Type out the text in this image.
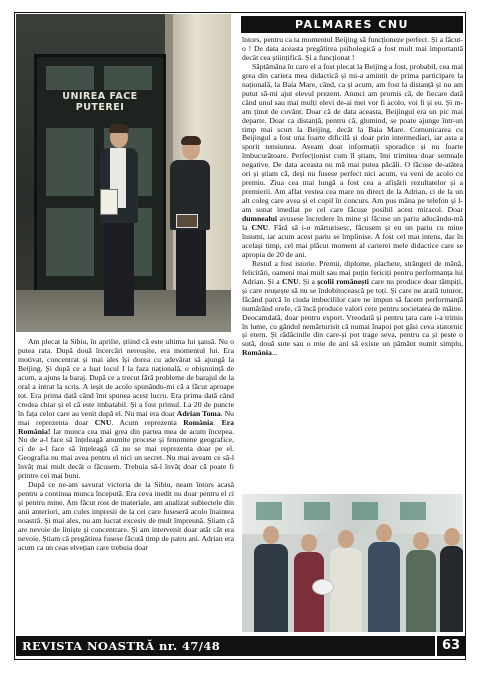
UNIREA FACE
PUTEREI
PALMARES CNU

Am plecat la Sibiu, în aprilie, știind că este ultima lui șansă. Nu o putea rata. După două încercări nereușite, era momentul lui. Era motivat, concentrat și mai ales își dorea cu adevărat să ajungă la Beijing. Și după ce a luat locul I la faza națională, o obișnuință de acum, a ajuns la baraj. După ce a trecut fără probleme de barajul de la oral a intrat la scris. A ieșit de acolo spunându-mi că a făcut aproape tot. Era prima dată când îmi spunea acest lucru. Era prima dată când credea chiar și el că este imbatabil. Și a fost primul. La 20 de puncte în fața celor care au venit după el. Nu mai era doar Adrian Toma. Nu mai reprezenta doar CNU. Acum reprezenta România. Era România! Iar munca cea mai grea din partea mea de acum începea. Nu de a-l face să înțeleagă anumite procese și fenomene geografice, ci de a-l face să înțeleagă că nu se mai reprezenta doar pe el. Geografia nu mai avea pentru el nici un secret. Nu mai aveam ce să-l învăț mai mult decât o făcusem. Trebuia să-l învăț doar că poate fi printre cei mai buni.

După ce ne-am savurat victoria de la Sibiu, neam întors acasă pentru a continua munca începută. Era ceva inedit nu doar pentru el ci și pentru mine. Am făcut rost de materiale, am analizat subiectele din anii anteriori, am cules impresii de la cei care fuseseră acolo înaintea noastră. Și mai ales, nu am lucrat excesiv de mult împreună. Știam că are nevoie de liniște și concentrare. Și am intervenit doar atât cât era nevoie. Știam că pregătirea fusese făcută timp de patru ani. Adrian era acum ca un ceas elvețian care trebuia doar

întors, pentru ca ta momentul Beijing să funcționeze perfect. Și a făcut-o ! De data aceasta pregătirea psihologică a fost mult mai importantă decât cea științifică. Și a funcționat !

Săptămâna în care el a fost plecat la Beijing a fost, probabil, cea mai grea din cariera mea didactică și mi-a amintit de prima participare la națională, la Baia Mare, când, ca și acum, am fost la distanță și nu am putut să-mi ajut elevul prezent. Atunci am promis că, de fiecare dată când unul sau mai mulți elevi de-ai mei vor fi acolo, voi fi și eu. Și m-am ținut de cuvânt. Doar că de data aceasta, Beijingul era un pic mai departe. Doar ca distanță, pentru că, glumind, se poate ajunge într-un timp mai scurt la Beijing, decât la Baia Mare. Comunicarea cu Beijingul a fost una foarte dificilă și doar prin intermediari, iar asta a sporit tensiunea. Aveam doar informații sporadice și nu foarte îmbucurătoare. Perfecționist cum îl știam, îmi trimitea doar semnale negative. De data aceasta nu mă mai putea păcăli. O făcuse de-atâtea ori și știam că, deși nu fusese perfect nici acum, va veni de acolo cu premiu. Ziua cea mai lungă a fost cea a afișării rezultatelor și a premierii. Am aflat vestea cea mare nu direct de la Adrian, ci de la un alt coleg care avea și el copil în concurs. Am pus mâna pe telefon și l-am sunat imediat pe cel care făcuse posibil acest miracol. Doar dumnealui avusese încredere în mine și făcuse un pariu aducându-mă la CNU. Fără să i-o mărturisesc, făcusem și eu un pariu cu mine însumi, iar acum acest pariu se împlinise. A fost cel mai intens, dar în același timp, cel mai plăcut moment al carierei mele didactice care se apropia de 20 de ani.

Restul a fost istorie. Premii, diplome, plachete, strângeri de mână, felicitări, oameni mai mult sau mai puțin fericiți pentru performanța lui Adrian. Și a CNU. Și a școlii românești care nu produce doar tâmpiți, și care reușește să nu se îndobitocească pe toți. Și care ne arată tuturor, făcând parcă în ciuda imbecililor care ne impun să facem performanță numărând oreIe, că încă produce valori cere pentru societatea de mâine. Deocamdată, doar pentru export. Vreodată și pentru țara care i-a trimis în lume, cu gândul nemărturisit că numai înapoi pot găsi ceva statornic și etern. Și rădăcinile din care-și pot trage seva, pentru ca și peste o sută, două sute sau o mie de ani să existe un pământ numit simplu, România...

REVISTA NOASTRĂ nr. 47/48	63
